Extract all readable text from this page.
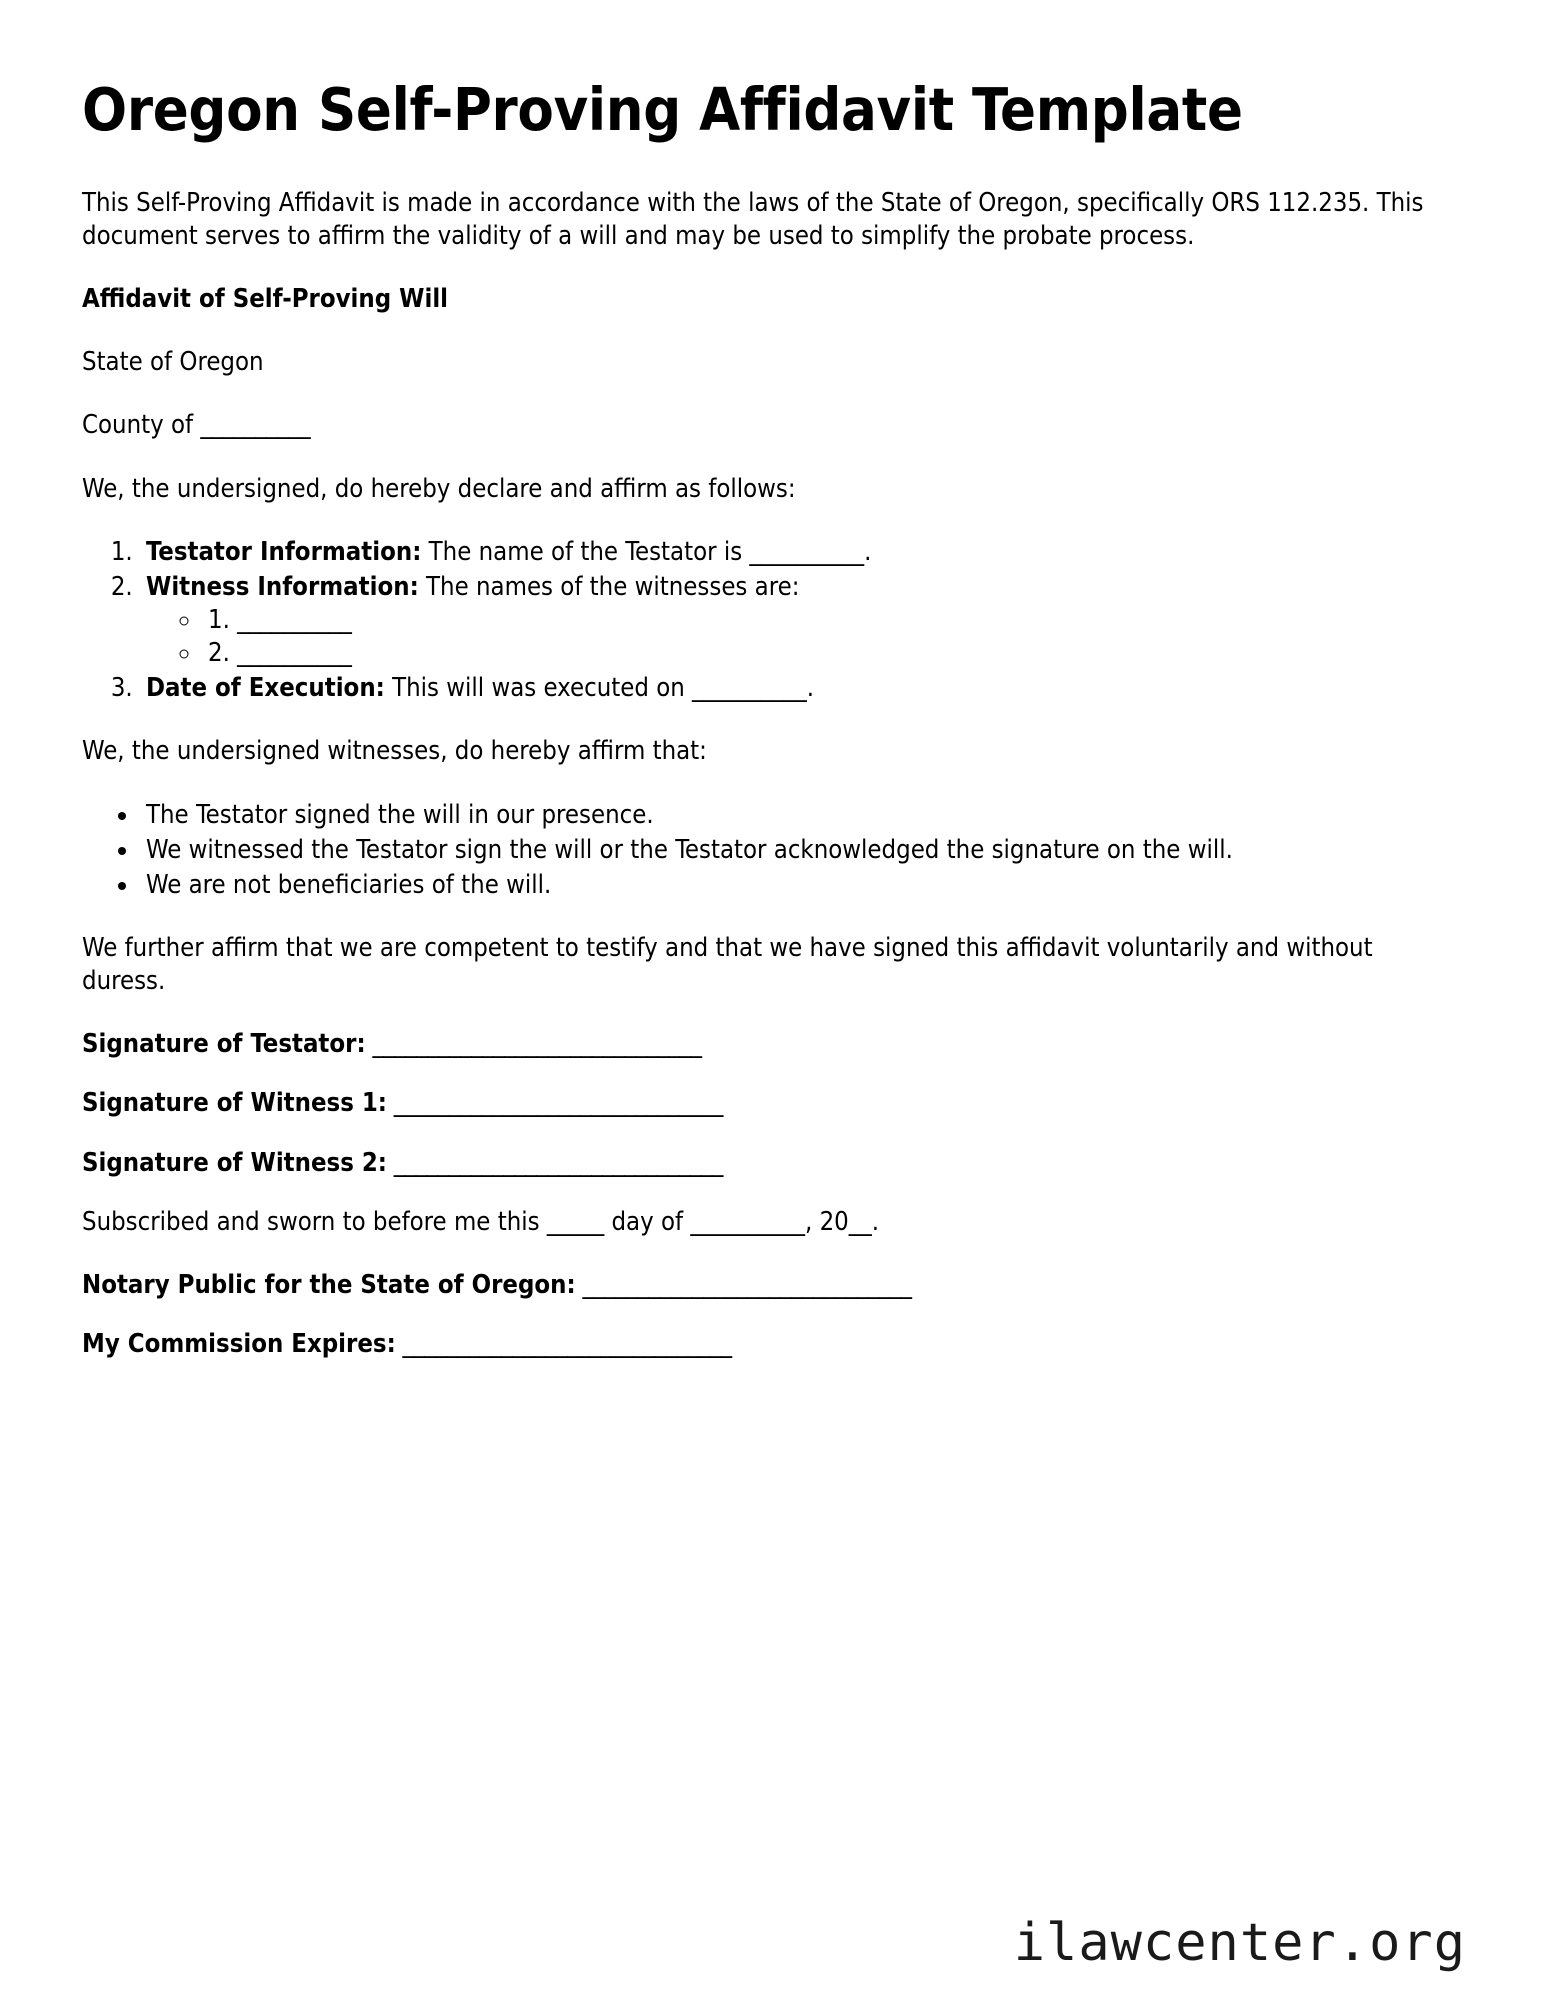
Oregon Self-Proving Affidavit Template

This Self-Proving Affidavit is made in accordance with the laws of the State of Oregon, specifically ORS 112.235. This document serves to affirm the validity of a will and may be used to simplify the probate process.

Affidavit of Self-Proving Will

State of Oregon

County of __________

We, the undersigned, do hereby declare and affirm as follows:

1. Testator Information: The name of the Testator is __________.
2. Witness Information: The names of the witnesses are:
◦ 1. __________
◦ 2. __________
3. Date of Execution: This will was executed on __________.

We, the undersigned witnesses, do hereby affirm that:

• The Testator signed the will in our presence.
• We witnessed the Testator sign the will or the Testator acknowledged the signature on the will.
• We are not beneficiaries of the will.

We further affirm that we are competent to testify and that we have signed this affidavit voluntarily and without duress.

Signature of Testator: ______________________________

Signature of Witness 1: ______________________________

Signature of Witness 2: ______________________________

Subscribed and sworn to before me this _____ day of __________, 20__.

Notary Public for the State of Oregon: ______________________________

My Commission Expires: ______________________________

ilawcenter.org
